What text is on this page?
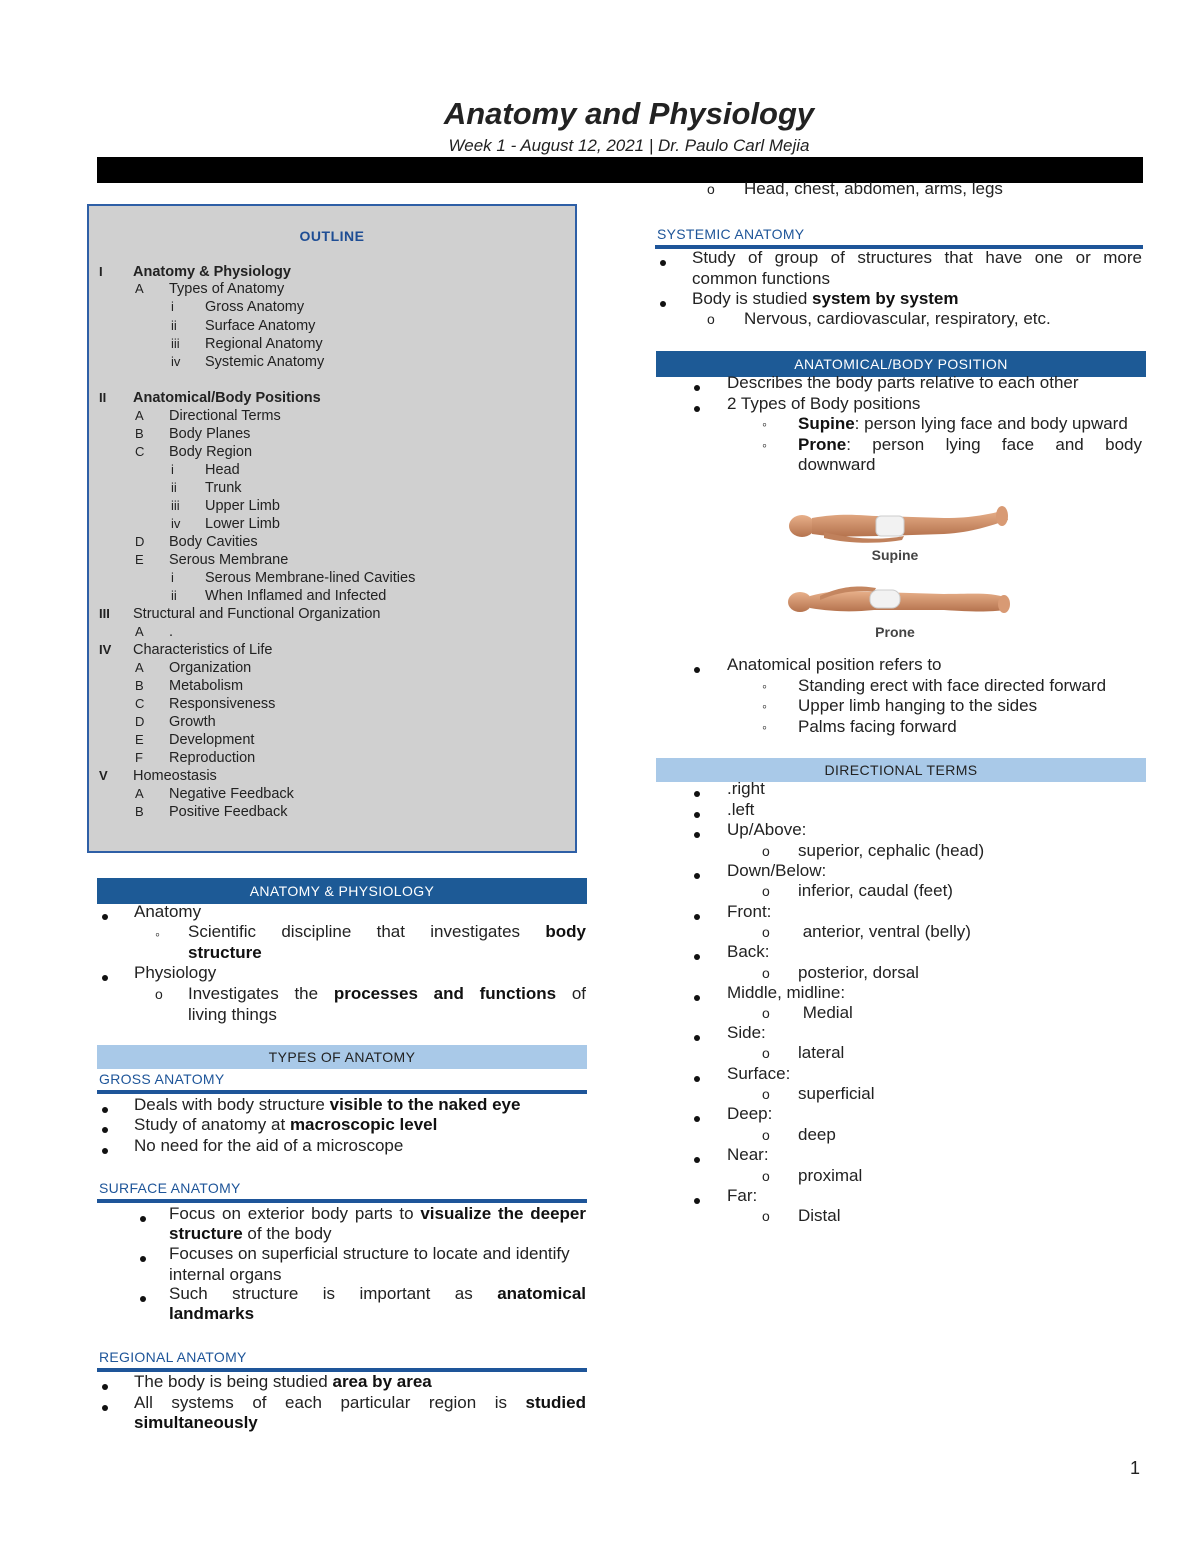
Anatomy and Physiology
Week 1 - August 12, 2021 | Dr. Paulo Carl Mejia
OUTLINE
I Anatomy & Physiology
A Types of Anatomy
i Gross Anatomy
ii Surface Anatomy
iii Regional Anatomy
iv Systemic Anatomy
II Anatomical/Body Positions
A Directional Terms
B Body Planes
C Body Region
i Head
ii Trunk
iii Upper Limb
iv Lower Limb
D Body Cavities
E Serous Membrane
i Serous Membrane-lined Cavities
ii When Inflamed and Infected
III Structural and Functional Organization
A .
IV Characteristics of Life
A Organization
B Metabolism
C Responsiveness
D Growth
E Development
F Reproduction
V Homeostasis
A Negative Feedback
B Positive Feedback
ANATOMY & PHYSIOLOGY
Anatomy
◦ Scientific discipline that investigates body
structure
Physiology
o Investigates the processes and functions of
living things
TYPES OF ANATOMY
GROSS ANATOMY
Deals with body structure visible to the naked eye
Study of anatomy at macroscopic level
No need for the aid of a microscope
SURFACE ANATOMY
Focus on exterior body parts to visualize the deeper
structure of the body
Focuses on superficial structure to locate and identify
internal organs
Such structure is important as anatomical
landmarks
REGIONAL ANATOMY
The body is being studied area by area
All systems of each particular region is studied
simultaneously
o Head, chest, abdomen, arms, legs
SYSTEMIC ANATOMY
Study of group of structures that have one or more
common functions
Body is studied system by system
o Nervous, cardiovascular, respiratory, etc.
ANATOMICAL/BODY POSITION
Describes the body parts relative to each other
2 Types of Body positions
◦ Supine: person lying face and body upward
◦ Prone: person lying face and body
downward
Supine
Prone
Anatomical position refers to
◦ Standing erect with face directed forward
◦ Upper limb hanging to the sides
◦ Palms facing forward
DIRECTIONAL TERMS
.right
.left
Up/Above:
o superior, cephalic (head)
Down/Below:
o inferior, caudal (feet)
Front:
o anterior, ventral (belly)
Back:
o posterior, dorsal
Middle, midline:
o Medial
Side:
o lateral
Surface:
o superficial
Deep:
o deep
Near:
o proximal
Far:
o Distal
1
